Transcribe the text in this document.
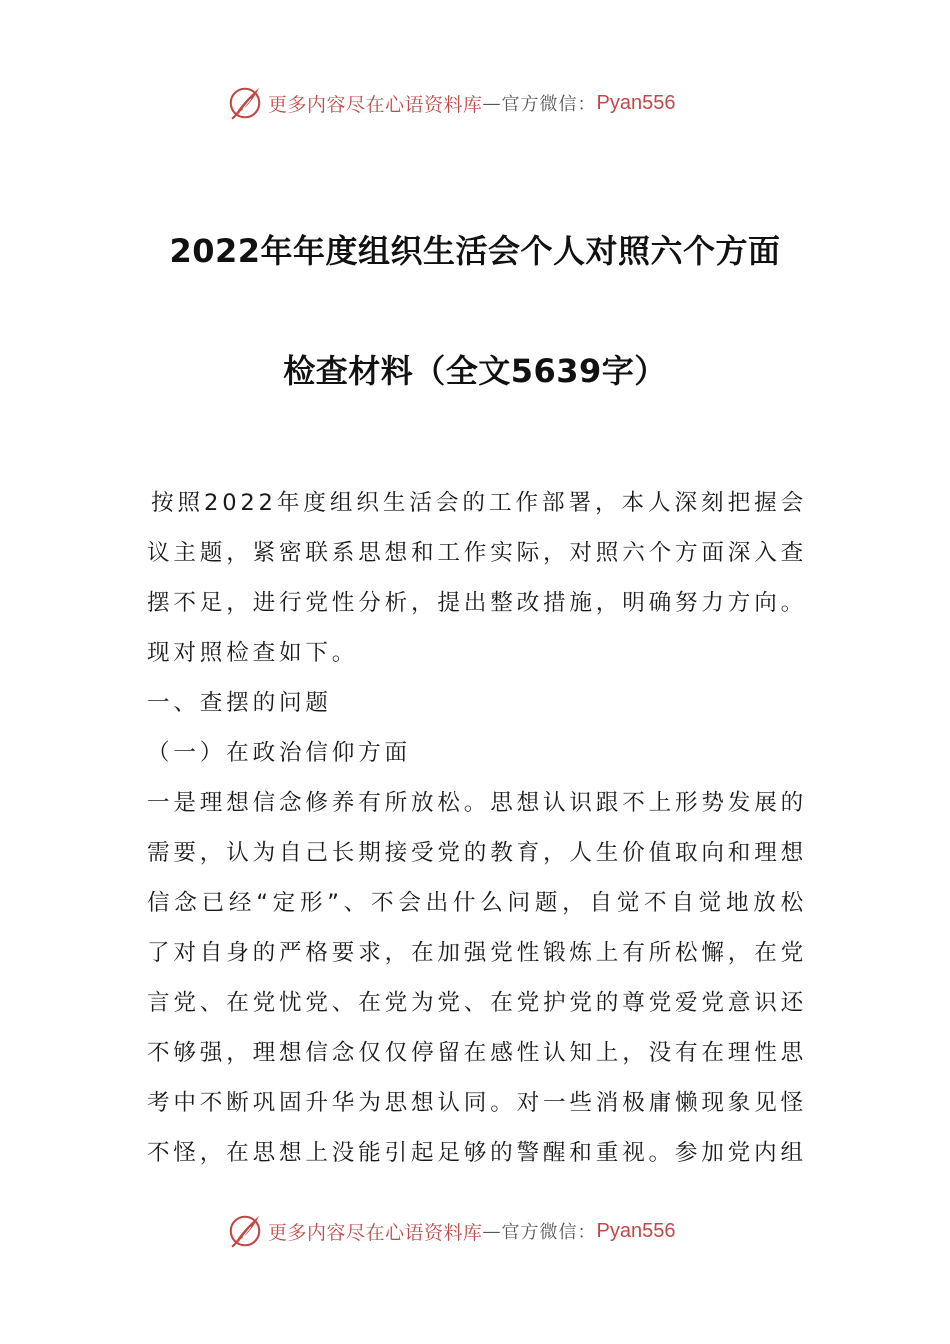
更多内容尽在心语资料库 — 官方微信： Pyan556
2022年年度组织生活会个人对照六个方面
检查材料（全文5639字）

按照2022年度组织生活会的工作部署，本人深刻把握会议主题，紧密联系思想和工作实际，对照六个方面深入查摆不足，进行党性分析，提出整改措施，明确努力方向。现对照检查如下。

一、查摆的问题

（一）在政治信仰方面

一是理想信念修养有所放松。思想认识跟不上形势发展的需要，认为自己长期接受党的教育，人生价值取向和理想信念已经“定形”、不会出什么问题，自觉不自觉地放松了对自身的严格要求，在加强党性锻炼上有所松懈，在党言党、在党忧党、在党为党、在党护党的尊党爱党意识还不够强，理想信念仅仅停留在感性认知上，没有在理性思考中不断巩固升华为思想认同。对一些消极庸懒现象见怪不怪，在思想上没能引起足够的警醒和重视。参加党内组

更多内容尽在心语资料库 — 官方微信： Pyan556
